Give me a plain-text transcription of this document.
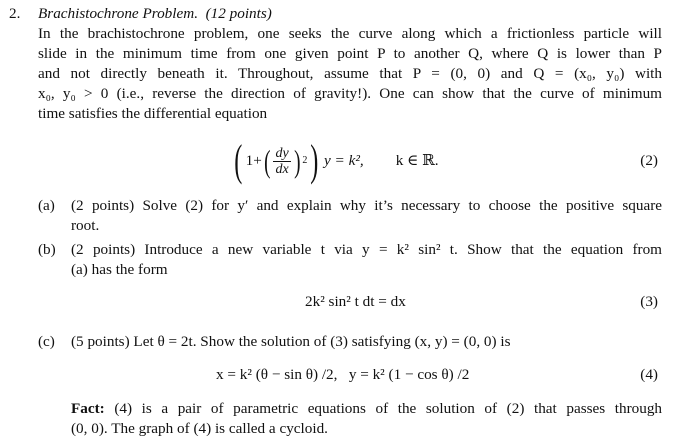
2. Brachistochrone Problem. (12 points)
In the brachistochrone problem, one seeks the curve along which a frictionless particle will
slide in the minimum time from one given point P to another Q, where Q is lower than P
and not directly beneath it. Throughout, assume that P = (0, 0) and Q = (x₀, y₀) with
x₀, y₀ > 0 (i.e., reverse the direction of gravity!). One can show that the curve of minimum
time satisfies the differential equation
( 1+ ( $\frac{dy}{dx}$ ) 2 ) y = k², k ∈ ℝ.	(2)
(a) (2 points) Solve (2) for y′ and explain why it’s necessary to choose the positive square
root.
(b) (2 points) Introduce a new variable t via y = k² sin² t. Show that the equation from
(a) has the form
2k² sin² t dt = dx	(3)
(c) (5 points) Let θ = 2t. Show the solution of (3) satisfying (x, y) = (0, 0) is
x = k² (θ − sin θ) /2,   y = k² (1 − cos θ) /2	(4)
Fact: (4) is a pair of parametric equations of the solution of (2) that passes through
(0, 0). The graph of (4) is called a cycloid.
